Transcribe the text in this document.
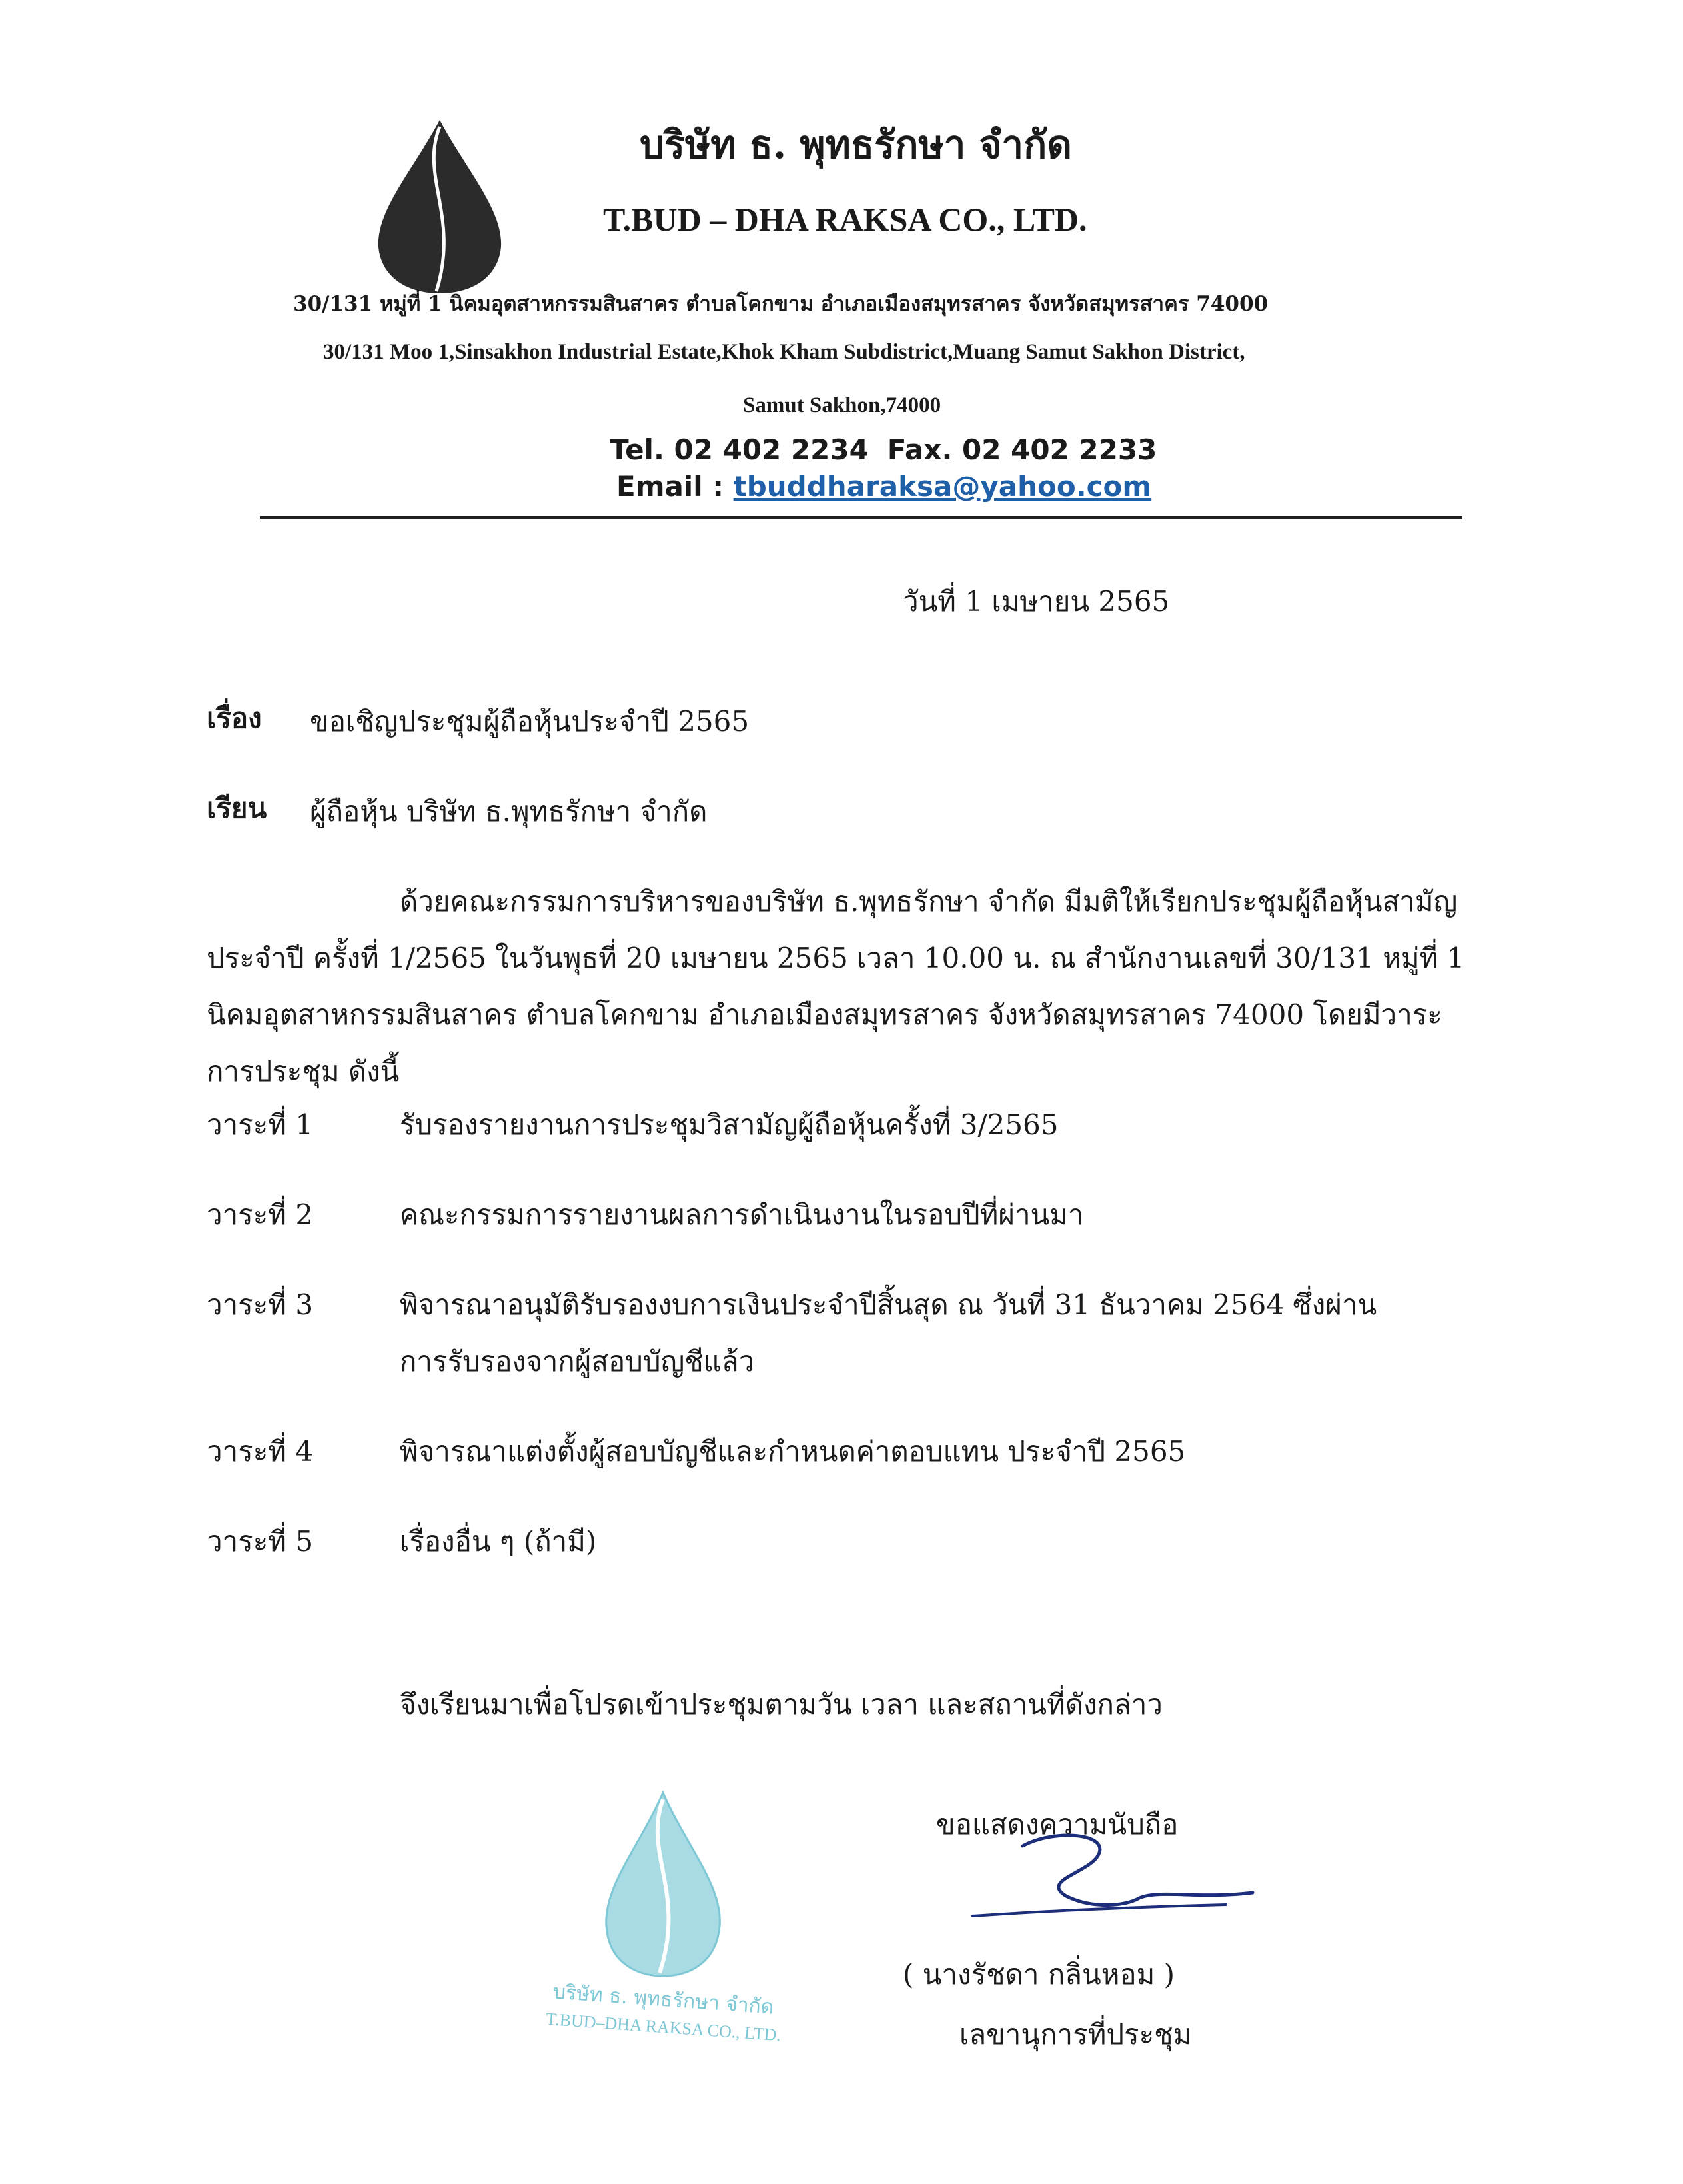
บริษัท ธ. พุทธรักษา จำกัด
T.BUD – DHA RAKSA CO., LTD.
30/131 หมู่ที่ 1 นิคมอุตสาหกรรมสินสาคร ตำบลโคกขาม อำเภอเมืองสมุทรสาคร จังหวัดสมุทรสาคร 74000
30/131 Moo 1,Sinsakhon Industrial Estate,Khok Kham Subdistrict,Muang Samut Sakhon District,
Samut Sakhon,74000
Tel. 02 402 2234 Fax. 02 402 2233
Email : tbuddharaksa@yahoo.com
วันที่ 1 เมษายน 2565
เรื่อง ขอเชิญประชุมผู้ถือหุ้นประจำปี 2565
เรียน ผู้ถือหุ้น บริษัท ธ.พุทธรักษา จำกัด
ด้วยคณะกรรมการบริหารของบริษัท ธ.พุทธรักษา จำกัด มีมติให้เรียกประชุมผู้ถือหุ้นสามัญ
ประจำปี ครั้งที่ 1/2565 ในวันพุธที่ 20 เมษายน 2565 เวลา 10.00 น. ณ สำนักงานเลขที่ 30/131 หมู่ที่ 1
นิคมอุตสาหกรรมสินสาคร ตำบลโคกขาม อำเภอเมืองสมุทรสาคร จังหวัดสมุทรสาคร 74000 โดยมีวาระ
การประชุม ดังนี้
วาระที่ 1	รับรองรายงานการประชุมวิสามัญผู้ถือหุ้นครั้งที่ 3/2565
วาระที่ 2	คณะกรรมการรายงานผลการดำเนินงานในรอบปีที่ผ่านมา
วาระที่ 3	พิจารณาอนุมัติรับรองงบการเงินประจำปีสิ้นสุด ณ วันที่ 31 ธันวาคม 2564 ซึ่งผ่าน
การรับรองจากผู้สอบบัญชีแล้ว
วาระที่ 4	พิจารณาแต่งตั้งผู้สอบบัญชีและกำหนดค่าตอบแทน ประจำปี 2565
วาระที่ 5	เรื่องอื่น ๆ (ถ้ามี)
จึงเรียนมาเพื่อโปรดเข้าประชุมตามวัน เวลา และสถานที่ดังกล่าว
ขอแสดงความนับถือ
บริษัท ธ. พุทธรักษา จำกัด
T.BUD–DHA RAKSA CO., LTD.
( นางรัชดา กลิ่นหอม )
เลขานุการที่ประชุม
